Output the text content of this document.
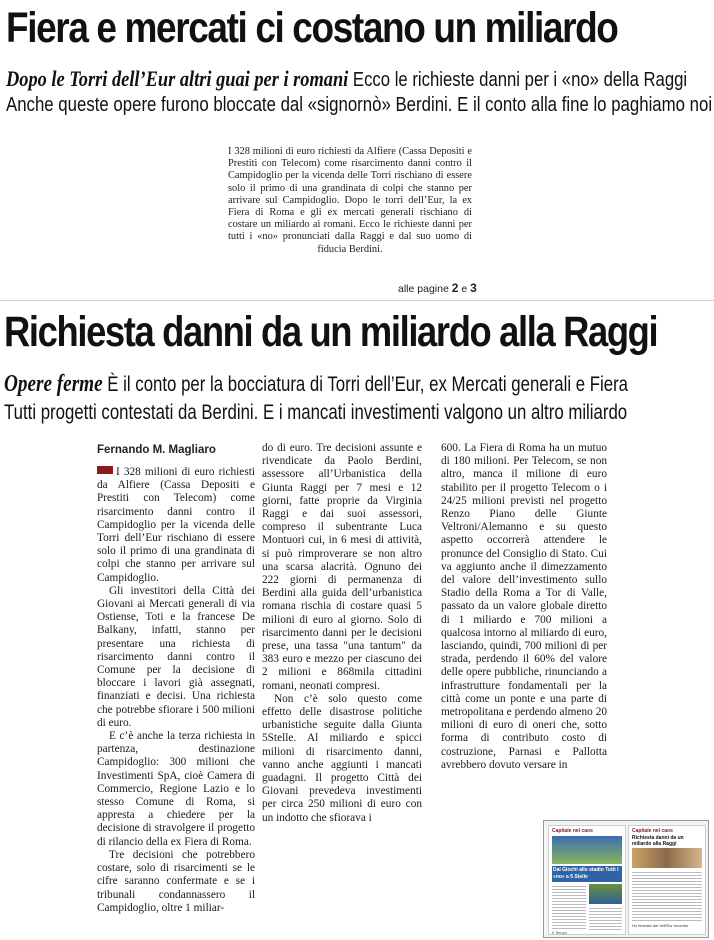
Fiera e mercati ci costano un miliardo
Dopo le Torri dell’Eur altri guai per i romani Ecco le richieste danni per i «no» della Raggi
Anche queste opere furono bloccate dal «signornò» Berdini. E il conto alla fine lo paghiamo noi
I 328 milioni di euro richiesti da Alfiere (Cassa Depositi e Prestiti con Telecom) come risarcimento danni contro il Campidoglio per la vicenda delle Torri rischiano di essere solo il primo di una grandinata di colpi che stanno per arrivare sul Campidoglio. Dopo le torri dell’Eur, la ex Fiera di Roma e gli ex mercati generali rischiano di costare un miliardo ai romani. Ecco le richieste danni per tutti i «no» pronunciati dalla Raggi e dal suo uomo di fiducia Berdini.
alle pagine 2 e 3
Richiesta danni da un miliardo alla Raggi
Opere ferme È il conto per la bocciatura di Torri dell’Eur, ex Mercati generali e Fiera
Tutti progetti contestati da Berdini. E i mancati investimenti valgono un altro miliardo
Fernando M. Magliaro

I 328 milioni di euro richiesti da Alfiere (Cassa Depositi e Prestiti con Telecom) come risarcimento danni contro il Campidoglio per la vicenda delle Torri dell’Eur rischiano di essere solo il primo di una grandinata di colpi che stanno per arrivare sul Campidoglio.

Gli investitori della Città dei Giovani ai Mercati generali di via Ostiense, Toti e la francese De Balkany, infatti, stanno per presentare una richiesta di risarcimento danni contro il Comune per la decisione di bloccare i lavori già assegnati, finanziati e decisi. Una richiesta che potrebbe sfiorare i 500 milioni di euro.

E c’è anche la terza richiesta in partenza, destinazione Campidoglio: 300 milioni che Investimenti SpA, cioè Camera di Commercio, Regione Lazio e lo stesso Comune di Roma, si appresta a chiedere per la decisione di stravolgere il progetto di rilancio della ex Fiera di Roma.

Tre decisioni che potrebbero costare, solo di risarcimenti se le cifre saranno confermate e se i tribunali condannassero il Campidoglio, oltre 1 miliar-

do di euro. Tre decisioni assunte e rivendicate da Paolo Berdini, assessore all’Urbanistica della Giunta Raggi per 7 mesi e 12 giorni, fatte proprie da Virginia Raggi e dai suoi assessori, compreso il subentrante Luca Montuori cui, in 6 mesi di attività, si può rimproverare se non altro una scarsa alacrità. Ognuno dei 222 giorni di permanenza di Berdini alla guida dell’urbanistica romana rischia di costare quasi 5 milioni di euro al giorno. Solo di risarcimento danni per le decisioni prese, una tassa "una tantum" da 383 euro e mezzo per ciascuno dei 2 milioni e 868mila cittadini romani, neonati compresi.

Non c’è solo questo come effetto delle disastrose politiche urbanistiche seguite dalla Giunta 5Stelle. Al miliardo e spicci milioni di risarcimento danni, vanno anche aggiunti i mancati guadagni. Il progetto Città dei Giovani prevedeva investimenti per circa 250 milioni di euro con un indotto che sfiorava i

600. La Fiera di Roma ha un mutuo di 180 milioni. Per Telecom, se non altro, manca il milione di euro stabilito per il progetto Telecom o i 24/25 milioni previsti nel progetto Renzo Piano delle Giunte Veltroni/Alemanno e su questo aspetto occorrerà attendere le pronunce del Consiglio di Stato. Cui va aggiunto anche il dimezzamento del valore dell’investimento sullo Stadio della Roma a Tor di Valle, passato da un valore globale diretto di 1 miliardo e 700 milioni a qualcosa intorno al miliardo di euro, lasciando, quindi, 700 milioni di per strada, perdendo il 60% del valore delle opere pubbliche, rinunciando a infrastrutture fondamentali per la città come un ponte e una parte di metropolitana e perdendo almeno 20 milioni di euro di oneri che, sotto forma di contributo costo di costruzione, Parnasi e Pallotta avrebbero dovuto versare in

Capitale nel caos
Dai Giochi allo stadio Tutti i «no» a 5 Stelle
Il Tempo
Capitale nel caos
Richiesta danni da un miliardo alla Raggi
Ho fermato dei dell’Eur Incontro
